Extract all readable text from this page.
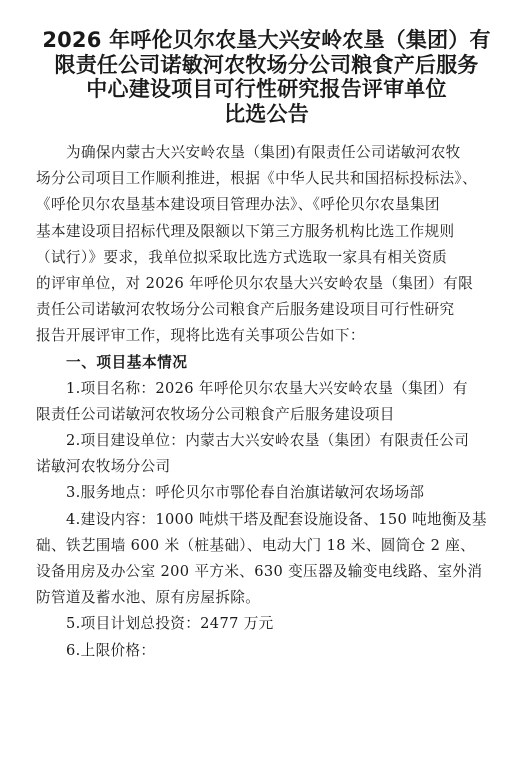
2026 年呼伦贝尔农垦大兴安岭农垦（集团）有
限责任公司诺敏河农牧场分公司粮食产后服务
中心建设项目可行性研究报告评审单位
比选公告
为确保内蒙古大兴安岭农垦（集团)有限责任公司诺敏河农牧
场分公司项目工作顺利推进，根据《中华人民共和国招标投标法》、
《呼伦贝尔农垦基本建设项目管理办法》、《呼伦贝尔农垦集团
基本建设项目招标代理及限额以下第三方服务机构比选工作规则
（试行）》要求，我单位拟采取比选方式选取一家具有相关资质
的评审单位，对 2026 年呼伦贝尔农垦大兴安岭农垦（集团）有限
责任公司诺敏河农牧场分公司粮食产后服务建设项目可行性研究
报告开展评审工作，现将比选有关事项公告如下：
一、项目基本情况
1.项目名称：2026 年呼伦贝尔农垦大兴安岭农垦（集团）有
限责任公司诺敏河农牧场分公司粮食产后服务建设项目
2.项目建设单位：内蒙古大兴安岭农垦（集团）有限责任公司
诺敏河农牧场分公司
3.服务地点：呼伦贝尔市鄂伦春自治旗诺敏河农场场部
4.建设内容：1000 吨烘干塔及配套设施设备、150 吨地衡及基
础、铁艺围墙 600 米（桩基础）、电动大门 18 米、圆筒仓 2 座、
设备用房及办公室 200 平方米、630 变压器及输变电线路、室外消
防管道及蓄水池、原有房屋拆除。
5.项目计划总投资：2477 万元
6.上限价格：
